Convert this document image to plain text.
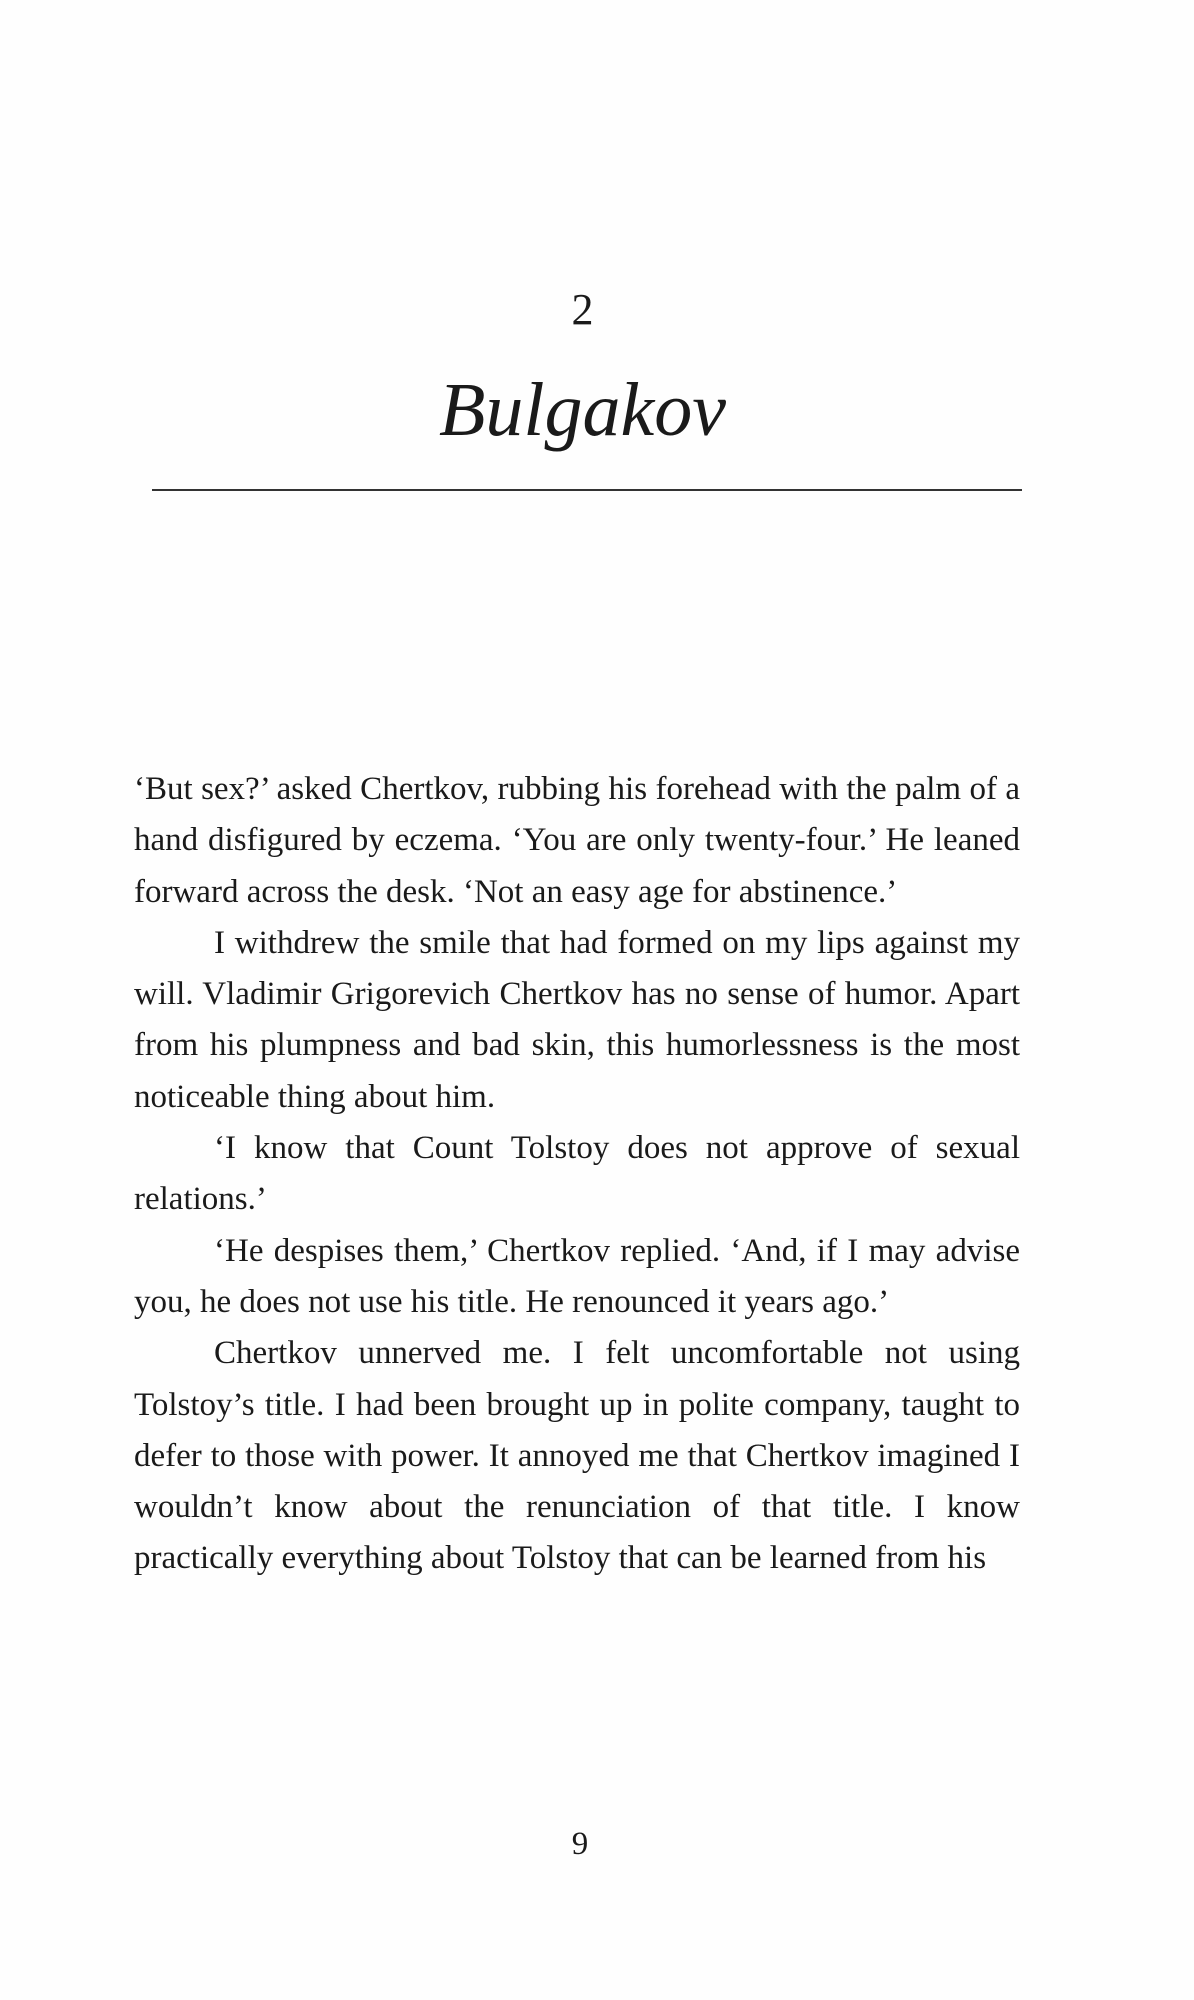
2
Bulgakov

‘But sex?’ asked Chertkov, rubbing his forehead with the palm of a hand disfigured by eczema. ‘You are only twenty-four.’ He leaned forward across the desk. ‘Not an easy age for abstinence.’

I withdrew the smile that had formed on my lips against my will. Vladimir Grigorevich Chertkov has no sense of humor. Apart from his plumpness and bad skin, this humorlessness is the most noticeable thing about him.

‘I know that Count Tolstoy does not approve of sexual relations.’

‘He despises them,’ Chertkov replied. ‘And, if I may advise you, he does not use his title. He renounced it years ago.’

Chertkov unnerved me. I felt uncomfortable not using Tolstoy’s title. I had been brought up in polite company, taught to defer to those with power. It annoyed me that Chertkov imagined I wouldn’t know about the renunciation of that title. I know practically everything about Tolstoy that can be learned from his

9
